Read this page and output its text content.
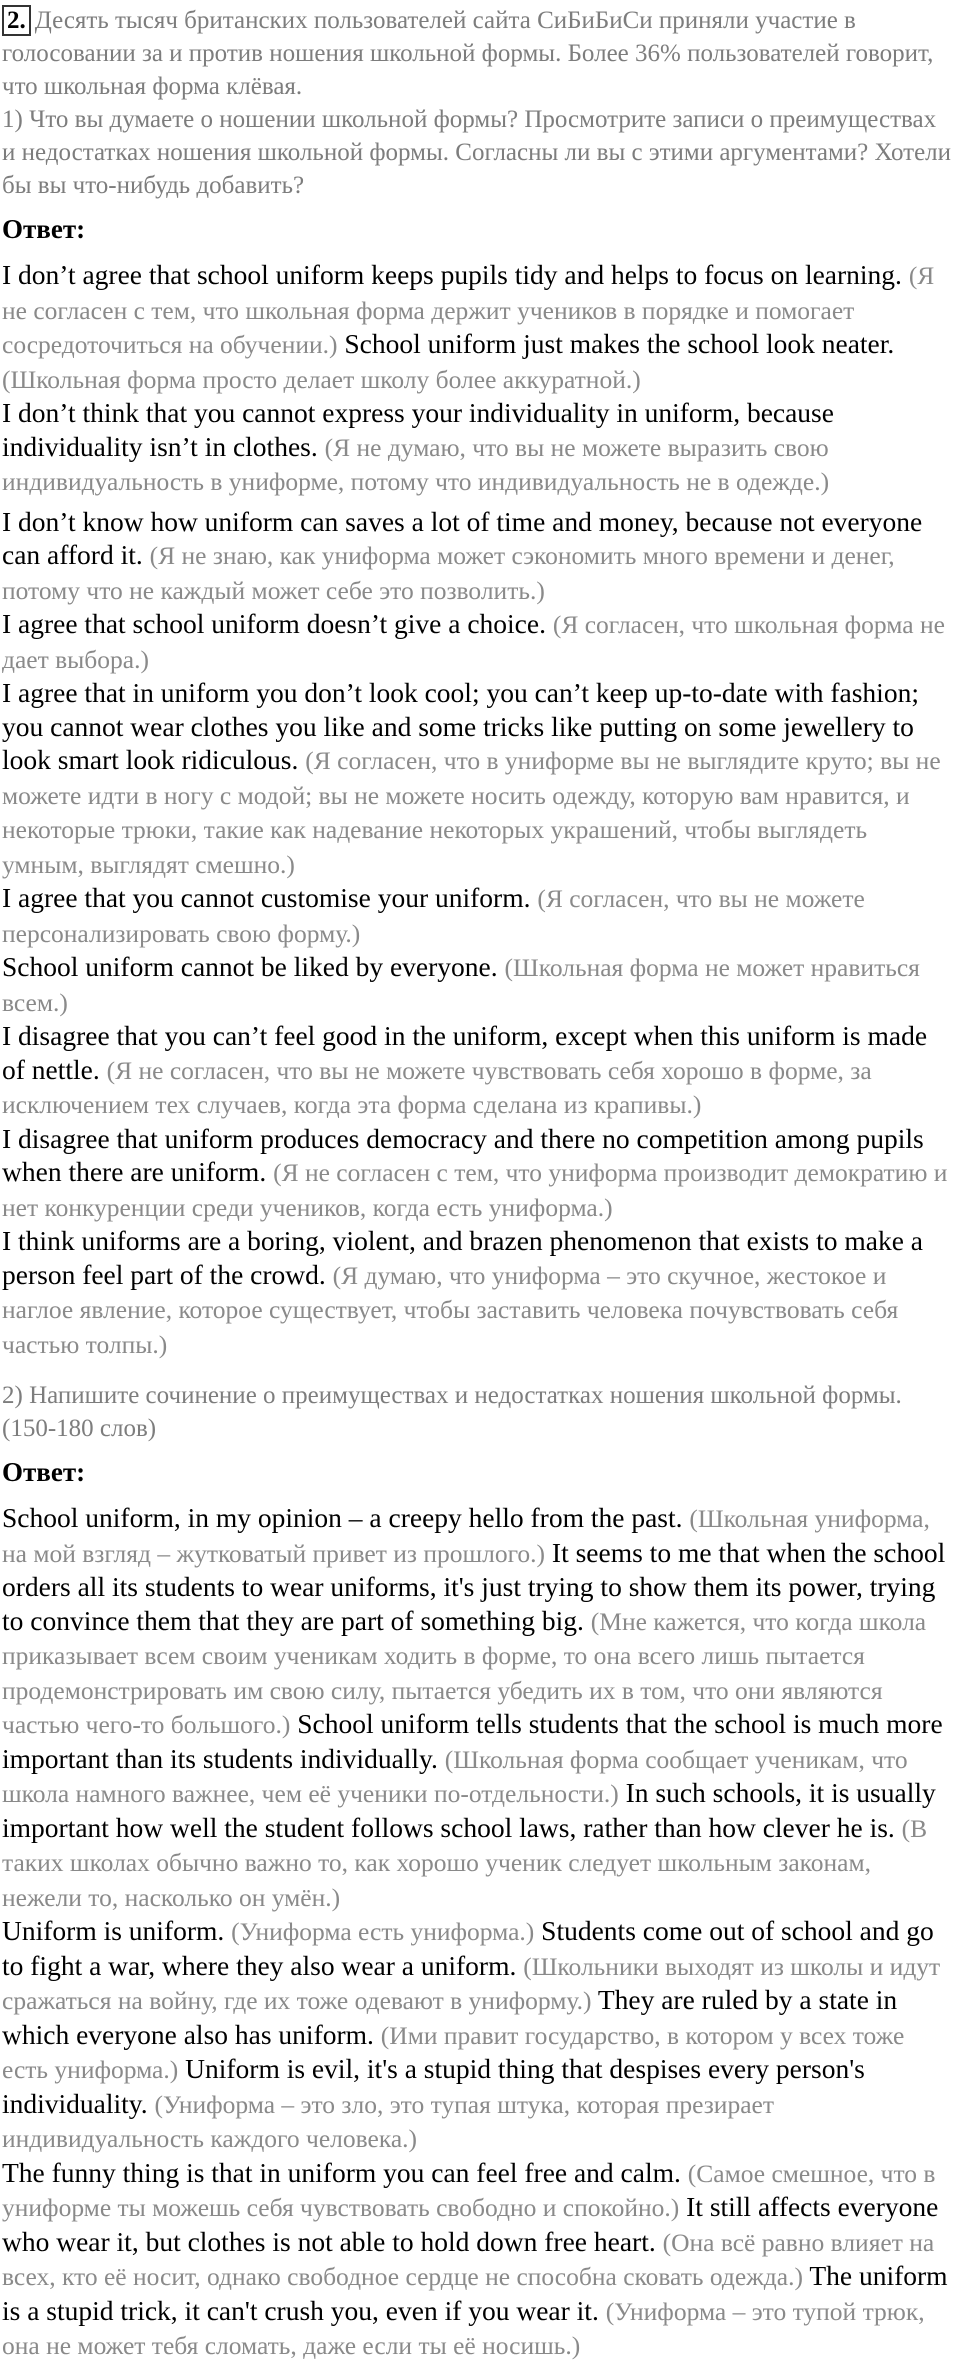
2. Десять тысяч британских пользователей сайта СиБиБиСи приняли участие в голосовании за и против ношения школьной формы. Более 36% пользователей говорит, что школьная форма клёвая.

1) Что вы думаете о ношении школьной формы? Просмотрите записи о преимуществах и недостатках ношения школьной формы. Согласны ли вы с этими аргументами? Хотели бы вы что-нибудь добавить?

Ответ:

I don’t agree that school uniform keeps pupils tidy and helps to focus on learning. (Я не согласен с тем, что школьная форма держит учеников в порядке и помогает сосредоточиться на обучении.) School uniform just makes the school look neater. (Школьная форма просто делает школу более аккуратной.)

I don’t think that you cannot express your individuality in uniform, because individuality isn’t in clothes. (Я не думаю, что вы не можете выразить свою индивидуальность в униформе, потому что индивидуальность не в одежде.)

I don’t know how uniform can saves a lot of time and money, because not everyone can afford it. (Я не знаю, как униформа может сэкономить много времени и денег, потому что не каждый может себе это позволить.)

I agree that school uniform doesn’t give a choice. (Я согласен, что школьная форма не дает выбора.)

I agree that in uniform you don’t look cool; you can’t keep up-to-date with fashion; you cannot wear clothes you like and some tricks like putting on some jewellery to look smart look ridiculous. (Я согласен, что в униформе вы не выглядите круто; вы не можете идти в ногу с модой; вы не можете носить одежду, которую вам нравится, и некоторые трюки, такие как надевание некоторых украшений, чтобы выглядеть умным, выглядят смешно.)

I agree that you cannot customise your uniform. (Я согласен, что вы не можете персонализировать свою форму.)

School uniform cannot be liked by everyone. (Школьная форма не может нравиться всем.)

I disagree that you can’t feel good in the uniform, except when this uniform is made of nettle. (Я не согласен, что вы не можете чувствовать себя хорошо в форме, за исключением тех случаев, когда эта форма сделана из крапивы.)

I disagree that uniform produces democracy and there no competition among pupils when there are uniform. (Я не согласен с тем, что униформа производит демократию и нет конкуренции среди учеников, когда есть униформа.)

I think uniforms are a boring, violent, and brazen phenomenon that exists to make a person feel part of the crowd. (Я думаю, что униформа – это скучное, жестокое и наглое явление, которое существует, чтобы заставить человека почувствовать себя частью толпы.)

2) Напишите сочинение о преимуществах и недостатках ношения школьной формы. (150-180 слов)

Ответ:

School uniform, in my opinion – a creepy hello from the past. (Школьная униформа, на мой взгляд – жутковатый привет из прошлого.) It seems to me that when the school orders all its students to wear uniforms, it's just trying to show them its power, trying to convince them that they are part of something big. (Мне кажется, что когда школа приказывает всем своим ученикам ходить в форме, то она всего лишь пытается продемонстрировать им свою силу, пытается убедить их в том, что они являются частью чего-то большого.) School uniform tells students that the school is much more important than its students individually. (Школьная форма сообщает ученикам, что школа намного важнее, чем её ученики по-отдельности.) In such schools, it is usually important how well the student follows school laws, rather than how clever he is. (В таких школах обычно важно то, как хорошо ученик следует школьным законам, нежели то, насколько он умён.)

Uniform is uniform. (Униформа есть униформа.) Students come out of school and go to fight a war, where they also wear a uniform. (Школьники выходят из школы и идут сражаться на войну, где их тоже одевают в униформу.) They are ruled by a state in which everyone also has uniform. (Ими правит государство, в котором у всех тоже есть униформа.) Uniform is evil, it's a stupid thing that despises every person's individuality. (Униформа – это зло, это тупая штука, которая презирает индивидуальность каждого человека.)

The funny thing is that in uniform you can feel free and calm. (Самое смешное, что в униформе ты можешь себя чувствовать свободно и спокойно.) It still affects everyone who wear it, but clothes is not able to hold down free heart. (Она всё равно влияет на всех, кто её носит, однако свободное сердце не способна сковать одежда.) The uniform is a stupid trick, it can't crush you, even if you wear it. (Униформа – это тупой трюк, она не может тебя сломать, даже если ты её носишь.)
